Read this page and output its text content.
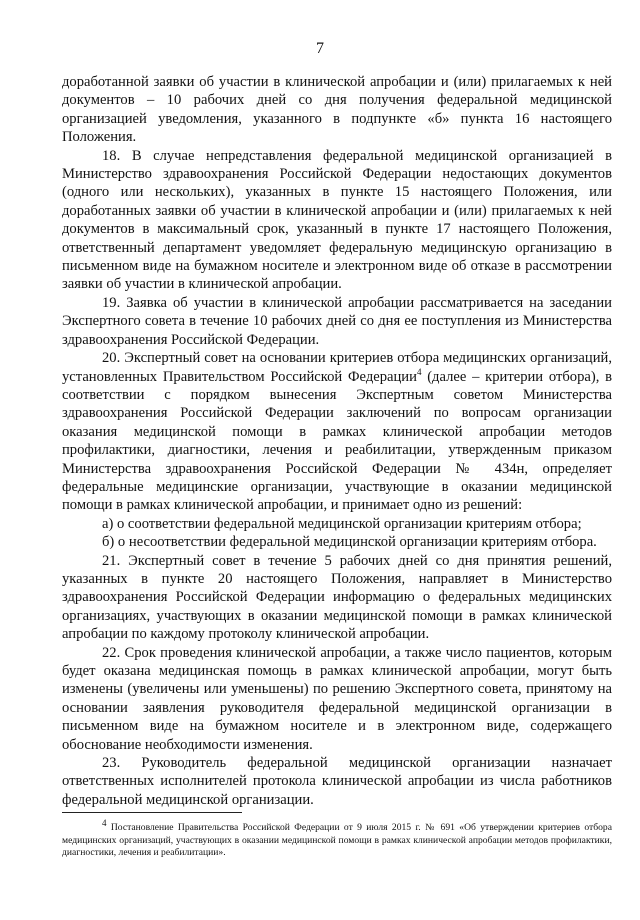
7

доработанной заявки об участии в клинической апробации и (или) прилагаемых к ней документов – 10 рабочих дней со дня получения федеральной медицинской организацией уведомления, указанного в подпункте «б» пункта 16 настоящего Положения.

18. В случае непредставления федеральной медицинской организацией в Министерство здравоохранения Российской Федерации недостающих документов (одного или нескольких), указанных в пункте 15 настоящего Положения, или доработанных заявки об участии в клинической апробации и (или) прилагаемых к ней документов в максимальный срок, указанный в пункте 17 настоящего Положения, ответственный департамент уведомляет федеральную медицинскую организацию в письменном виде на бумажном носителе и электронном виде об отказе в рассмотрении заявки об участии в клинической апробации.

19. Заявка об участии в клинической апробации рассматривается на заседании Экспертного совета в течение 10 рабочих дней со дня ее поступления из Министерства здравоохранения Российской Федерации.

20. Экспертный совет на основании критериев отбора медицинских организаций, установленных Правительством Российской Федерации$^4$ (далее – критерии отбора), в соответствии с порядком вынесения Экспертным советом Министерства здравоохранения Российской Федерации заключений по вопросам организации оказания медицинской помощи в рамках клинической апробации методов профилактики, диагностики, лечения и реабилитации, утвержденным приказом Министерства здравоохранения Российской Федерации № 434н, определяет федеральные медицинские организации, участвующие в оказании медицинской помощи в рамках клинической апробации, и принимает одно из решений:

а) о соответствии федеральной медицинской организации критериям отбора;

б) о несоответствии федеральной медицинской организации критериям отбора.

21. Экспертный совет в течение 5 рабочих дней со дня принятия решений, указанных в пункте 20 настоящего Положения, направляет в Министерство здравоохранения Российской Федерации информацию о федеральных медицинских организациях, участвующих в оказании медицинской помощи в рамках клинической апробации по каждому протоколу клинической апробации.

22. Срок проведения клинической апробации, а также число пациентов, которым будет оказана медицинская помощь в рамках клинической апробации, могут быть изменены (увеличены или уменьшены) по решению Экспертного совета, принятому на основании заявления руководителя федеральной медицинской организации в письменном виде на бумажном носителе и в электронном виде, содержащего обоснование необходимости изменения.

23. Руководитель федеральной медицинской организации назначает ответственных исполнителей протокола клинической апробации из числа работников федеральной медицинской организации.

$^4$ Постановление Правительства Российской Федерации от 9 июля 2015 г. № 691 «Об утверждении критериев отбора медицинских организаций, участвующих в оказании медицинской помощи в рамках клинической апробации методов профилактики, диагностики, лечения и реабилитации».
